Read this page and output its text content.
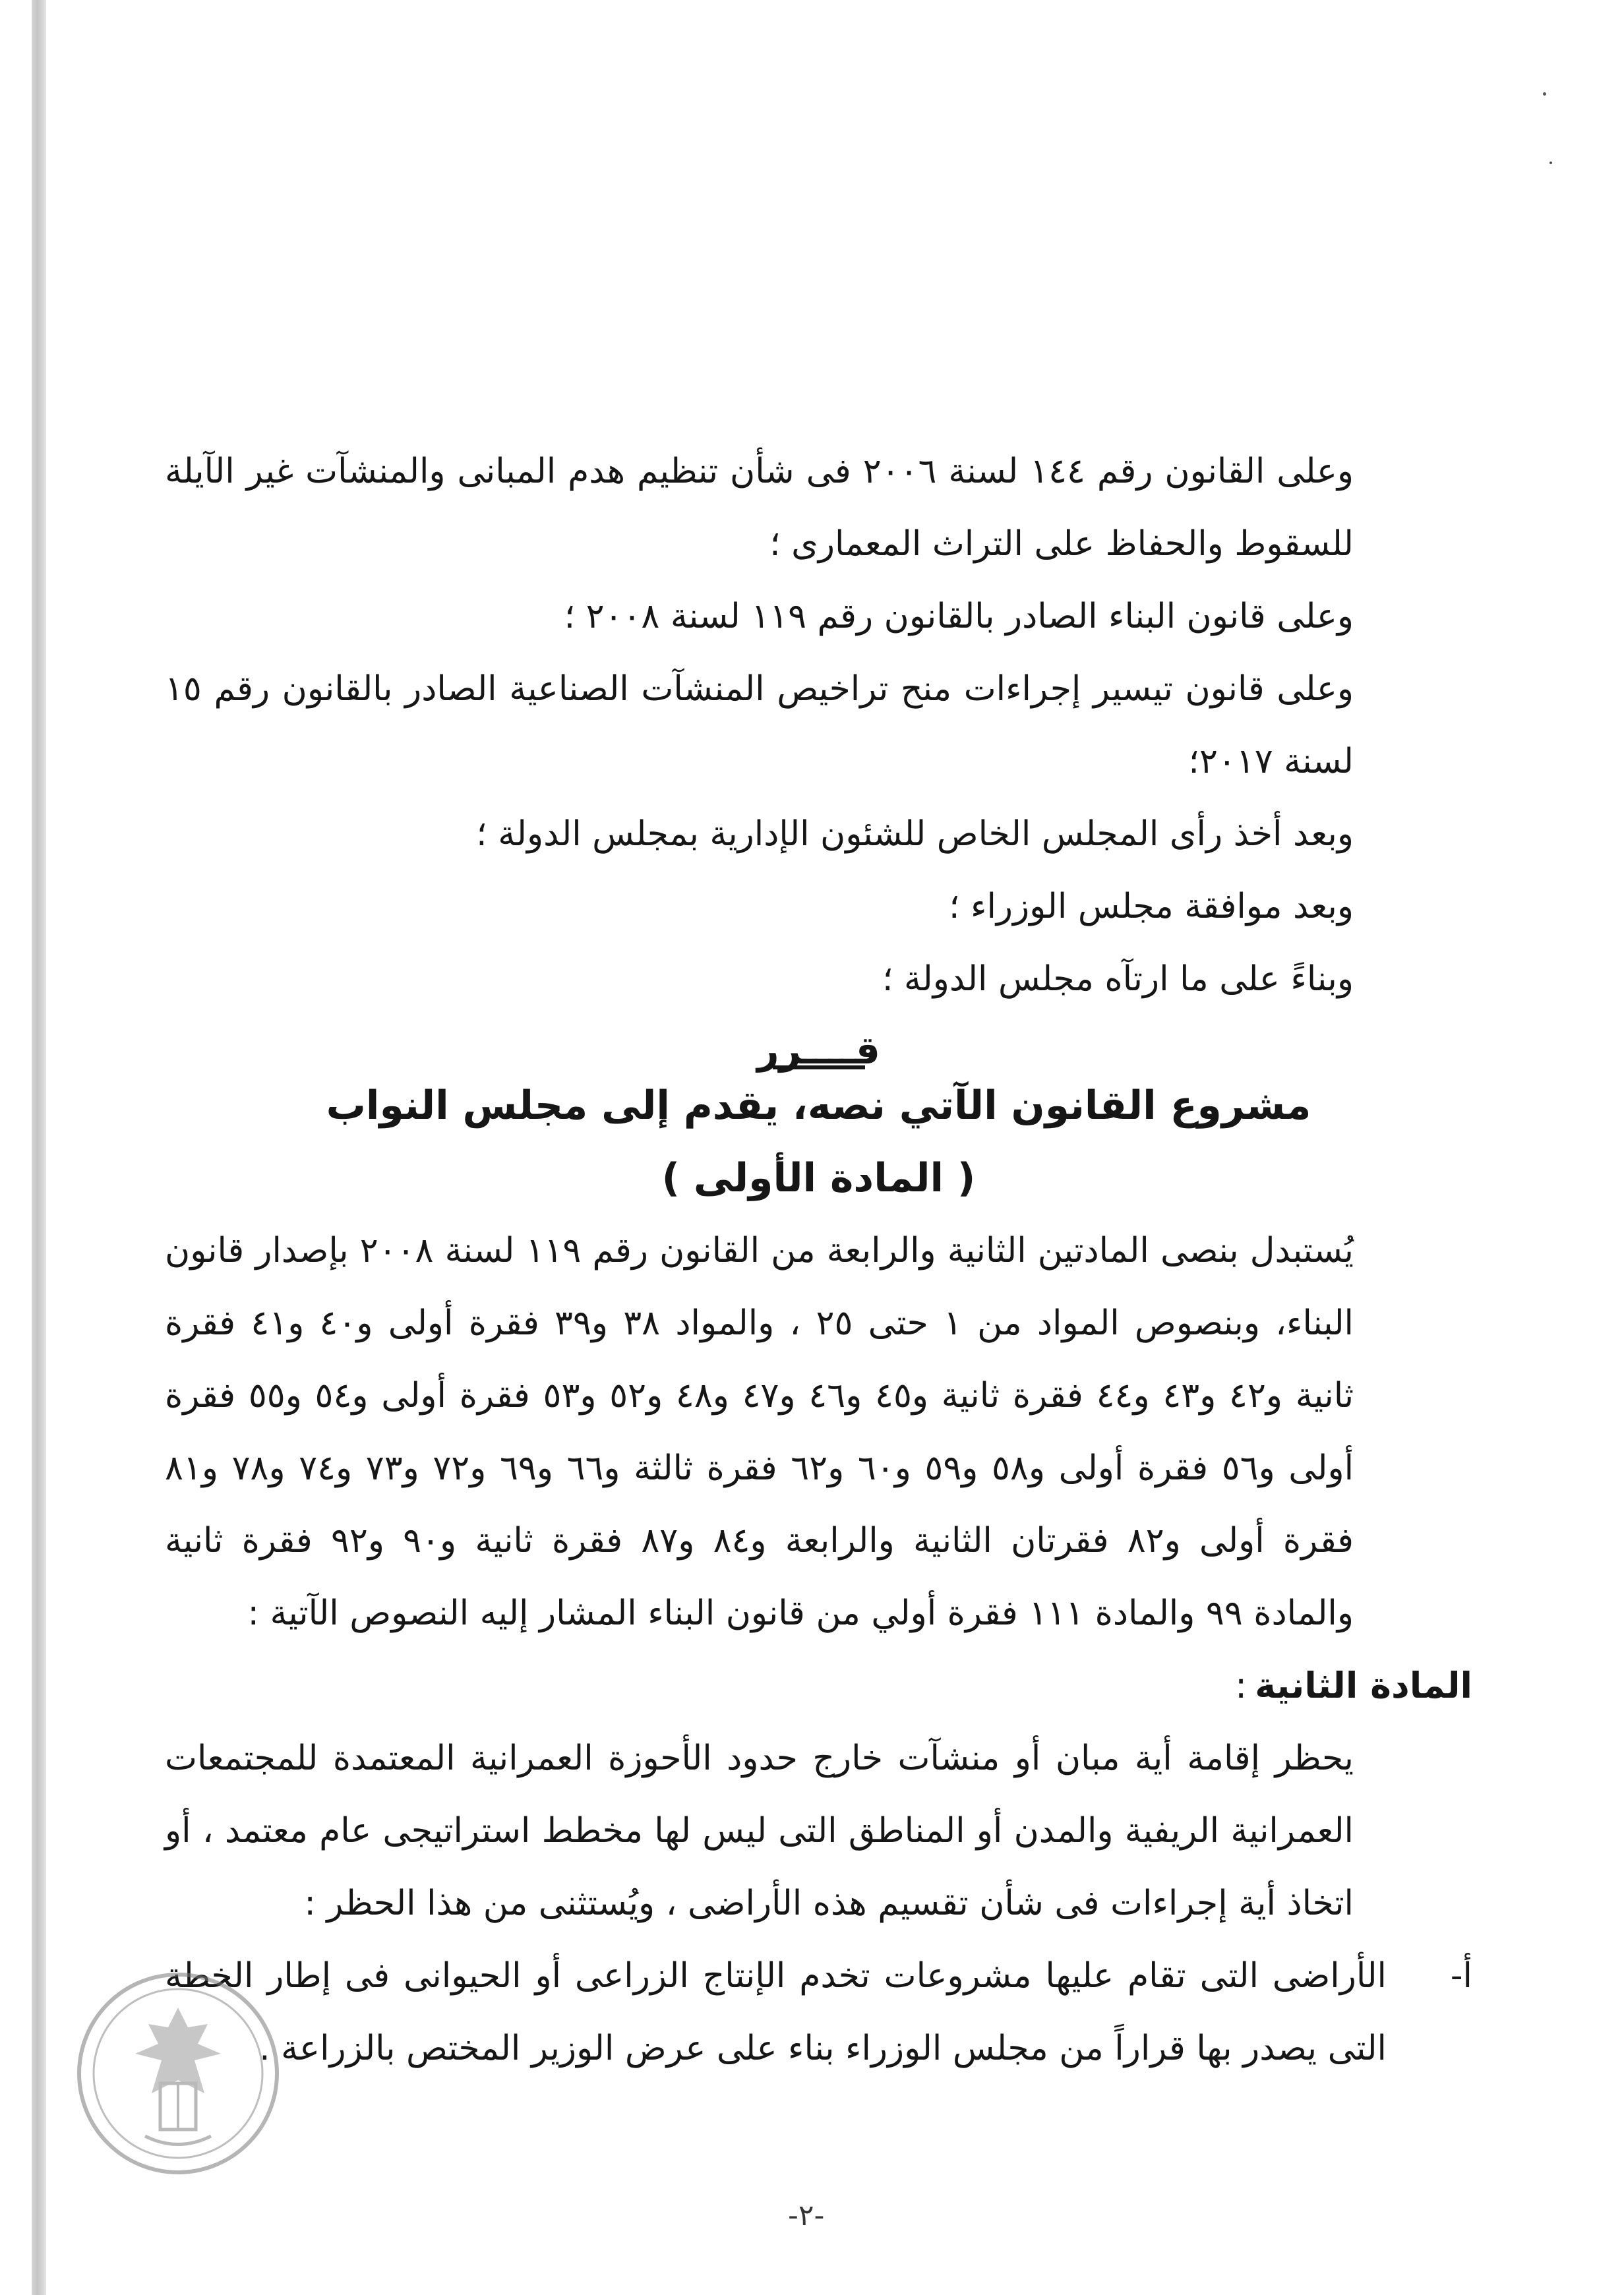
وعلى القانون رقم ١٤٤ لسنة ٢٠٠٦ فى شأن تنظيم هدم المبانى والمنشآت غير الآيلة للسقوط والحفاظ على التراث المعمارى ؛

وعلى قانون البناء الصادر بالقانون رقم ١١٩ لسنة ٢٠٠٨ ؛

وعلى قانون تيسير إجراءات منح تراخيص المنشآت الصناعية الصادر بالقانون رقم ١٥ لسنة ٢٠١٧؛

وبعد أخذ رأى المجلس الخاص للشئون الإدارية بمجلس الدولة ؛

وبعد موافقة مجلس الوزراء ؛

وبناءً على ما ارتآه مجلس الدولة ؛

قــــرر
مشروع القانون الآتي نصه، يقدم إلى مجلس النواب
( المادة الأولى )

يُستبدل بنصى المادتين الثانية والرابعة من القانون رقم ١١٩ لسنة ٢٠٠٨ بإصدار قانون البناء، وبنصوص المواد من ١ حتى ٢٥ ، والمواد ٣٨ و٣٩ فقرة أولى و٤٠ و٤١ فقرة ثانية و٤٢ و٤٣ و٤٤ فقرة ثانية و٤٥ و٤٦ و٤٧ و٤٨ و٥٢ و٥٣ فقرة أولى و٥٤ و٥٥ فقرة أولى و٥٦ فقرة أولى و٥٨ و٥٩ و٦٠ و٦٢ فقرة ثالثة و٦٦ و٦٩ و٧٢ و٧٣ و٧٤ و٧٨ و٨١ فقرة أولى و٨٢ فقرتان الثانية والرابعة و٨٤ و٨٧ فقرة ثانية و٩٠ و٩٢ فقرة ثانية والمادة ٩٩ والمادة ١١١ فقرة أولي من قانون البناء المشار إليه النصوص الآتية :

المادة الثانية:

يحظر إقامة أية مبان أو منشآت خارج حدود الأحوزة العمرانية المعتمدة للمجتمعات العمرانية الريفية والمدن أو المناطق التى ليس لها مخطط استراتيجى عام معتمد ، أو اتخاذ أية إجراءات فى شأن تقسيم هذه الأراضى ، ويُستثنى من هذا الحظر :

أ-
الأراضى التى تقام عليها مشروعات تخدم الإنتاج الزراعى أو الحيوانى فى إطار الخطة التى يصدر بها قراراً من مجلس الوزراء بناء على عرض الوزير المختص بالزراعة .
-٢-
